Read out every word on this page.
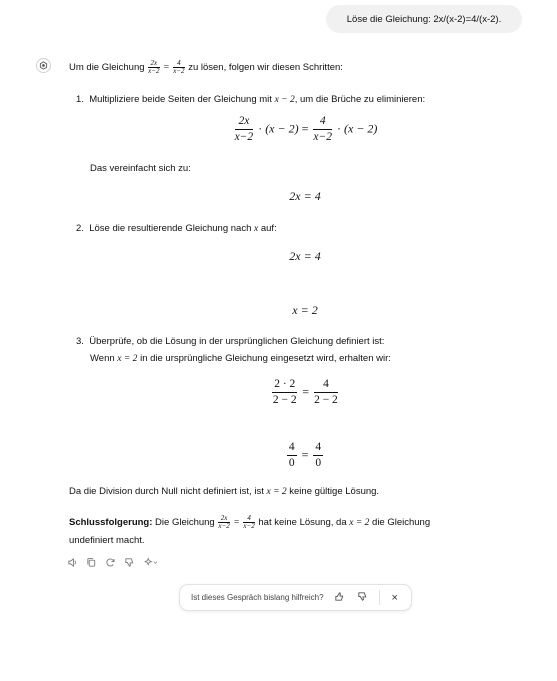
Löse die Gleichung: 2x/(x-2)=4/(x-2).
Um die Gleichung $\frac{2x}{x-2} = \frac{4}{x-2}$ zu lösen, folgen wir diesen Schritten:
1. Multipliziere beide Seiten der Gleichung mit x − 2, um die Brüche zu eliminieren:
$\frac{2x}{x-2} \cdot (x - 2) = \frac{4}{x-2} \cdot (x - 2)$
Das vereinfacht sich zu:
2x = 4
2. Löse die resultierende Gleichung nach x auf:
2x = 4
x = 2
3. Überprüfe, ob die Lösung in der ursprünglichen Gleichung definiert ist:
Wenn x = 2 in die ursprüngliche Gleichung eingesetzt wird, erhalten wir:
$\frac{2 \cdot 2}{2 - 2} = \frac{4}{2 - 2}$
$\frac{4}{0} = \frac{4}{0}$
Da die Division durch Null nicht definiert ist, ist x = 2 keine gültige Lösung.
Schlussfolgerung: Die Gleichung $\frac{2x}{x-2} = \frac{4}{x-2}$ hat keine Lösung, da x = 2 die Gleichung
undefiniert macht.
Ist dieses Gespräch bislang hilfreich?	×
